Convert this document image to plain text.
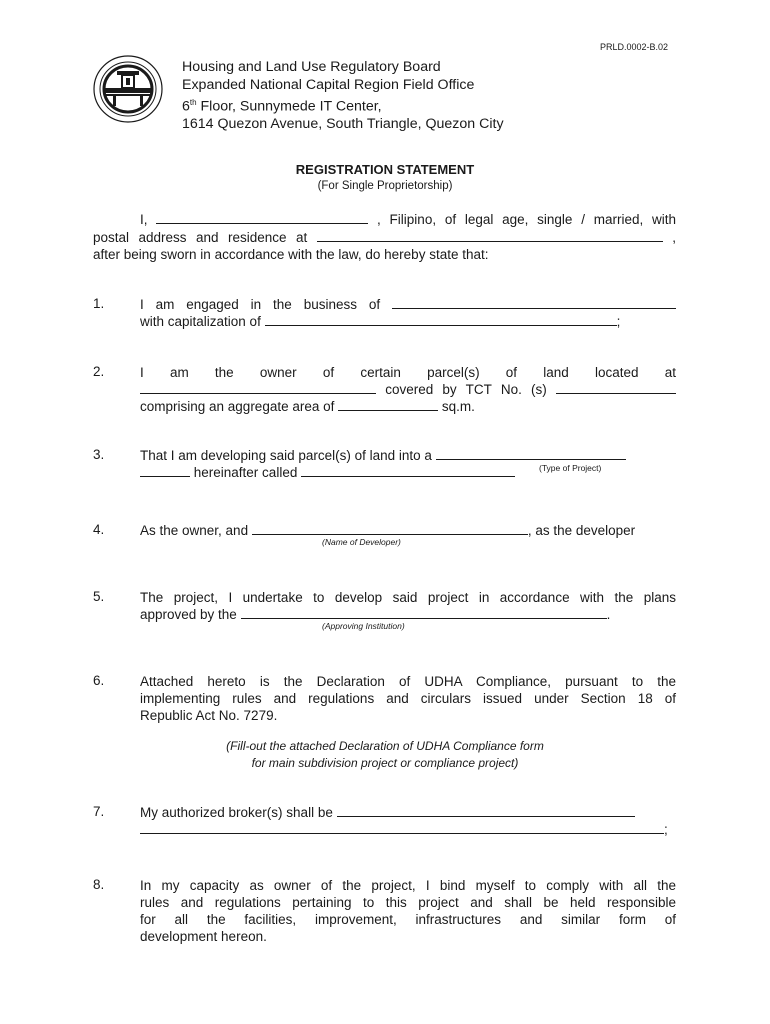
PRLD.0002-B.02
Housing and Land Use Regulatory Board
Expanded National Capital Region Field Office
6th Floor, Sunnymede IT Center,
1614 Quezon Avenue, South Triangle, Quezon City
REGISTRATION STATEMENT
(For Single Proprietorship)

I,	, Filipino, of legal age, single / married, with

postal address and residence at	,

after being sworn in accordance with the law, do hereby state that:

1.	I am engaged in the business of

with capitalization of	;

2.	I am the owner of certain parcel(s) of land located at

covered by TCT No. (s)

comprising an aggregate area of	sq.m.

3.	That I am developing said parcel(s) of land into a

hereinafter called	(Type of Project)
4.	As the owner, and	, as the developer

(Name of Developer)
5.	The project, I undertake to develop said project in accordance with the plans

approved by the	.

(Approving Institution)
6.	Attached hereto is the Declaration of UDHA Compliance, pursuant to the

implementing rules and regulations and circulars issued under Section 18 of

Republic Act No. 7279.

(Fill-out the attached Declaration of UDHA Compliance form
for main subdivision project or compliance project)
7.	My authorized broker(s) shall be

;

8.	In my capacity as owner of the project, I bind myself to comply with all the

rules and regulations pertaining to this project and shall be held responsible

for all the facilities, improvement, infrastructures and similar form of

development hereon.
